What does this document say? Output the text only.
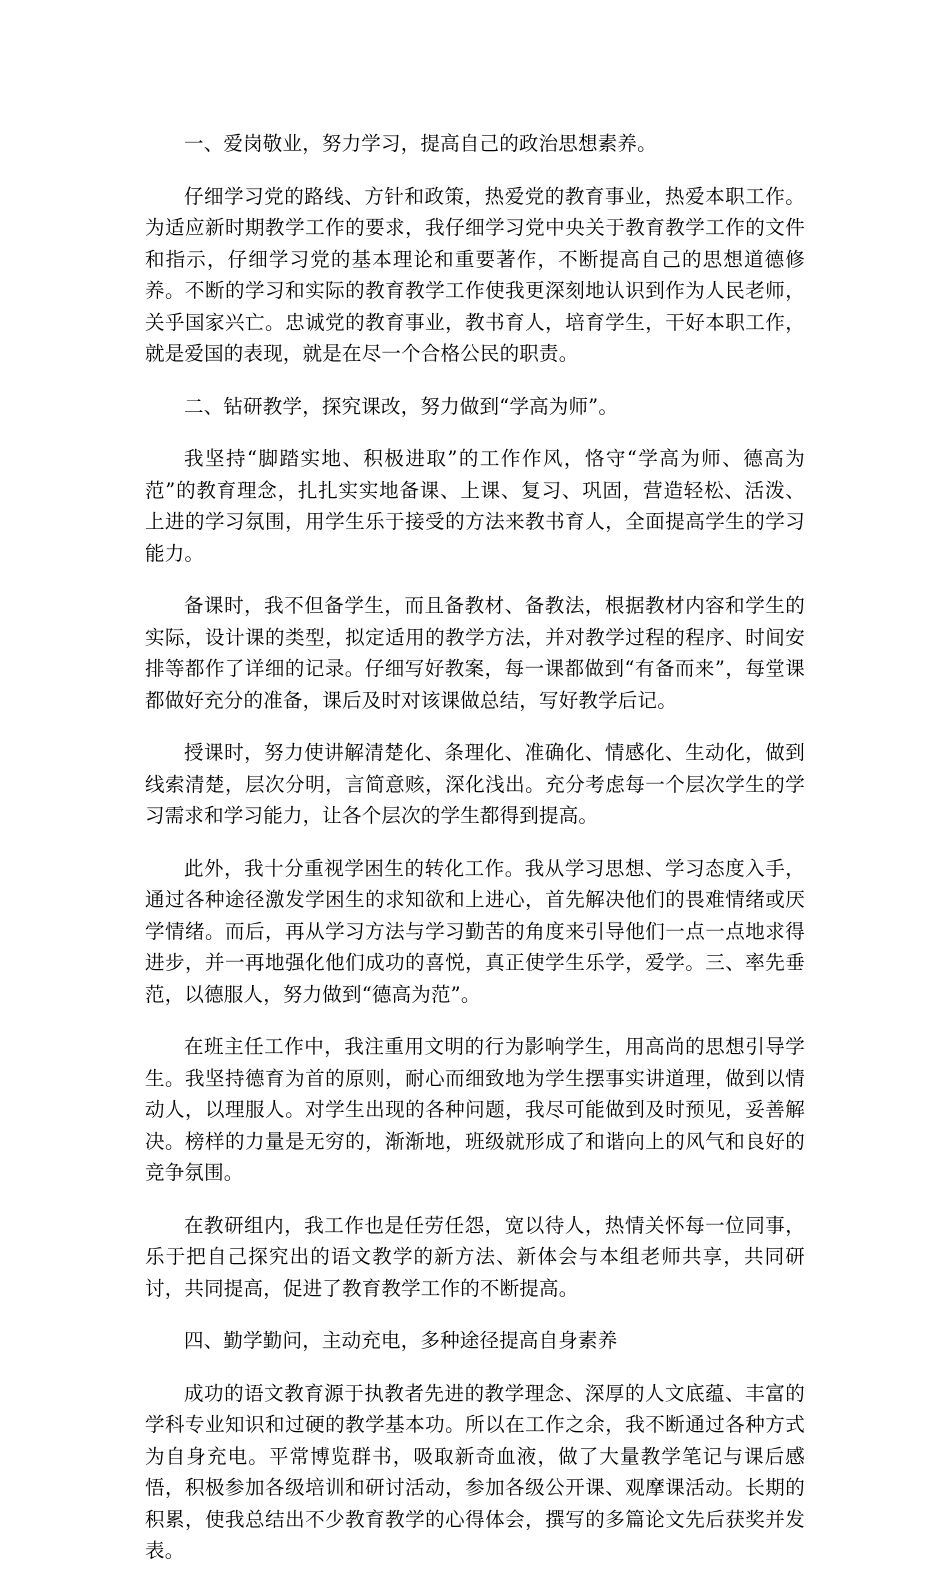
一、爱岗敬业，努力学习，提高自己的政治思想素养。

仔细学习党的路线、方针和政策，热爱党的教育事业，热爱本职工作。为适应新时期教学工作的要求，我仔细学习党中央关于教育教学工作的文件和指示，仔细学习党的基本理论和重要著作，不断提高自己的思想道德修养。不断的学习和实际的教育教学工作使我更深刻地认识到作为人民老师，关乎国家兴亡。忠诚党的教育事业，教书育人，培育学生，干好本职工作，就是爱国的表现，就是在尽一个合格公民的职责。

二、钻研教学，探究课改，努力做到“学高为师”。

我坚持“脚踏实地、积极进取”的工作作风，恪守“学高为师、德高为范”的教育理念，扎扎实实地备课、上课、复习、巩固，营造轻松、活泼、上进的学习氛围，用学生乐于接受的方法来教书育人，全面提高学生的学习能力。

备课时，我不但备学生，而且备教材、备教法，根据教材内容和学生的实际，设计课的类型，拟定适用的教学方法，并对教学过程的程序、时间安排等都作了详细的记录。仔细写好教案，每一课都做到“有备而来”，每堂课都做好充分的准备，课后及时对该课做总结，写好教学后记。

授课时，努力使讲解清楚化、条理化、准确化、情感化、生动化，做到线索清楚，层次分明，言简意赅，深化浅出。充分考虑每一个层次学生的学习需求和学习能力，让各个层次的学生都得到提高。

此外，我十分重视学困生的转化工作。我从学习思想、学习态度入手，通过各种途径激发学困生的求知欲和上进心，首先解决他们的畏难情绪或厌学情绪。而后，再从学习方法与学习勤苦的角度来引导他们一点一点地求得进步，并一再地强化他们成功的喜悦，真正使学生乐学，爱学。三、率先垂范，以德服人，努力做到“德高为范”。

在班主任工作中，我注重用文明的行为影响学生，用高尚的思想引导学生。我坚持德育为首的原则，耐心而细致地为学生摆事实讲道理，做到以情动人，以理服人。对学生出现的各种问题，我尽可能做到及时预见，妥善解决。榜样的力量是无穷的，渐渐地，班级就形成了和谐向上的风气和良好的竞争氛围。

在教研组内，我工作也是任劳任怨，宽以待人，热情关怀每一位同事，乐于把自己探究出的语文教学的新方法、新体会与本组老师共享，共同研讨，共同提高，促进了教育教学工作的不断提高。

四、勤学勤问，主动充电，多种途径提高自身素养

成功的语文教育源于执教者先进的教学理念、深厚的人文底蕴、丰富的学科专业知识和过硬的教学基本功。所以在工作之余，我不断通过各种方式为自身充电。平常博览群书，吸取新奇血液，做了大量教学笔记与课后感悟，积极参加各级培训和研讨活动，参加各级公开课、观摩课活动。长期的积累，使我总结出不少教育教学的心得体会，撰写的多篇论文先后获奖并发表。
